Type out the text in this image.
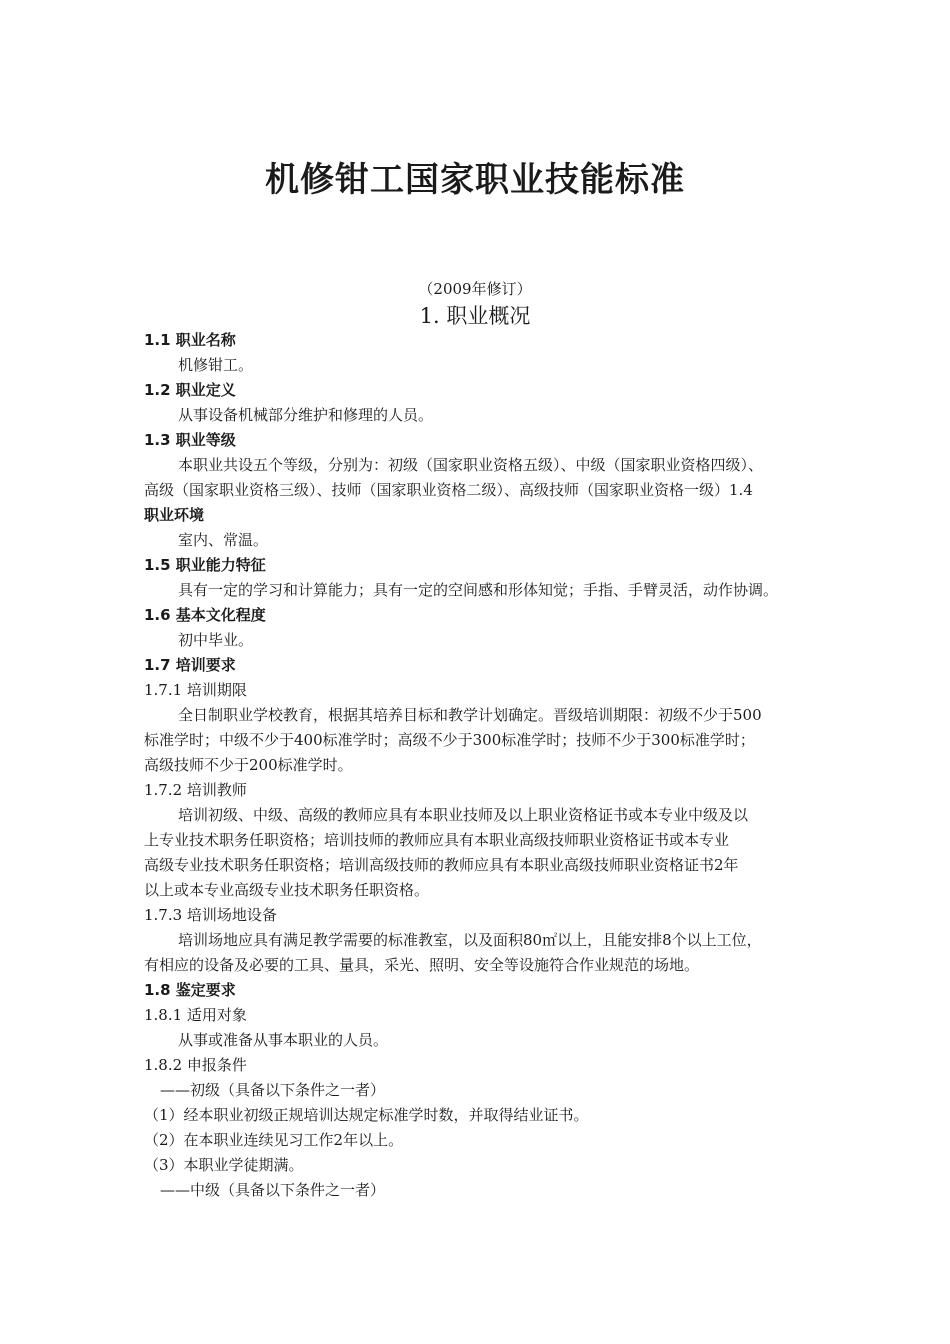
机修钳工国家职业技能标准
（2009年修订）
1. 职业概况

1.1 职业名称

机修钳工。

1.2 职业定义

从事设备机械部分维护和修理的人员。

1.3 职业等级

本职业共设五个等级，分别为：初级（国家职业资格五级）、中级（国家职业资格四级）、

高级（国家职业资格三级）、技师（国家职业资格二级）、高级技师（国家职业资格一级）1.4

职业环境

室内、常温。

1.5 职业能力特征

具有一定的学习和计算能力；具有一定的空间感和形体知觉；手指、手臂灵活，动作协调。

1.6 基本文化程度

初中毕业。

1.7 培训要求

1.7.1 培训期限

全日制职业学校教育，根据其培养目标和教学计划确定。晋级培训期限：初级不少于500

标准学时；中级不少于400标准学时；高级不少于300标准学时；技师不少于300标准学时；

高级技师不少于200标准学时。

1.7.2 培训教师

培训初级、中级、高级的教师应具有本职业技师及以上职业资格证书或本专业中级及以

上专业技术职务任职资格；培训技师的教师应具有本职业高级技师职业资格证书或本专业

高级专业技术职务任职资格；培训高级技师的教师应具有本职业高级技师职业资格证书2年

以上或本专业高级专业技术职务任职资格。

1.7.3 培训场地设备

培训场地应具有满足教学需要的标准教室，以及面积80㎡以上，且能安排8个以上工位，

有相应的设备及必要的工具、量具，采光、照明、安全等设施符合作业规范的场地。

1.8 鉴定要求

1.8.1 适用对象

从事或准备从事本职业的人员。

1.8.2 申报条件

——初级（具备以下条件之一者）

（1）经本职业初级正规培训达规定标准学时数，并取得结业证书。

（2）在本职业连续见习工作2年以上。

（3）本职业学徒期满。

——中级（具备以下条件之一者）
